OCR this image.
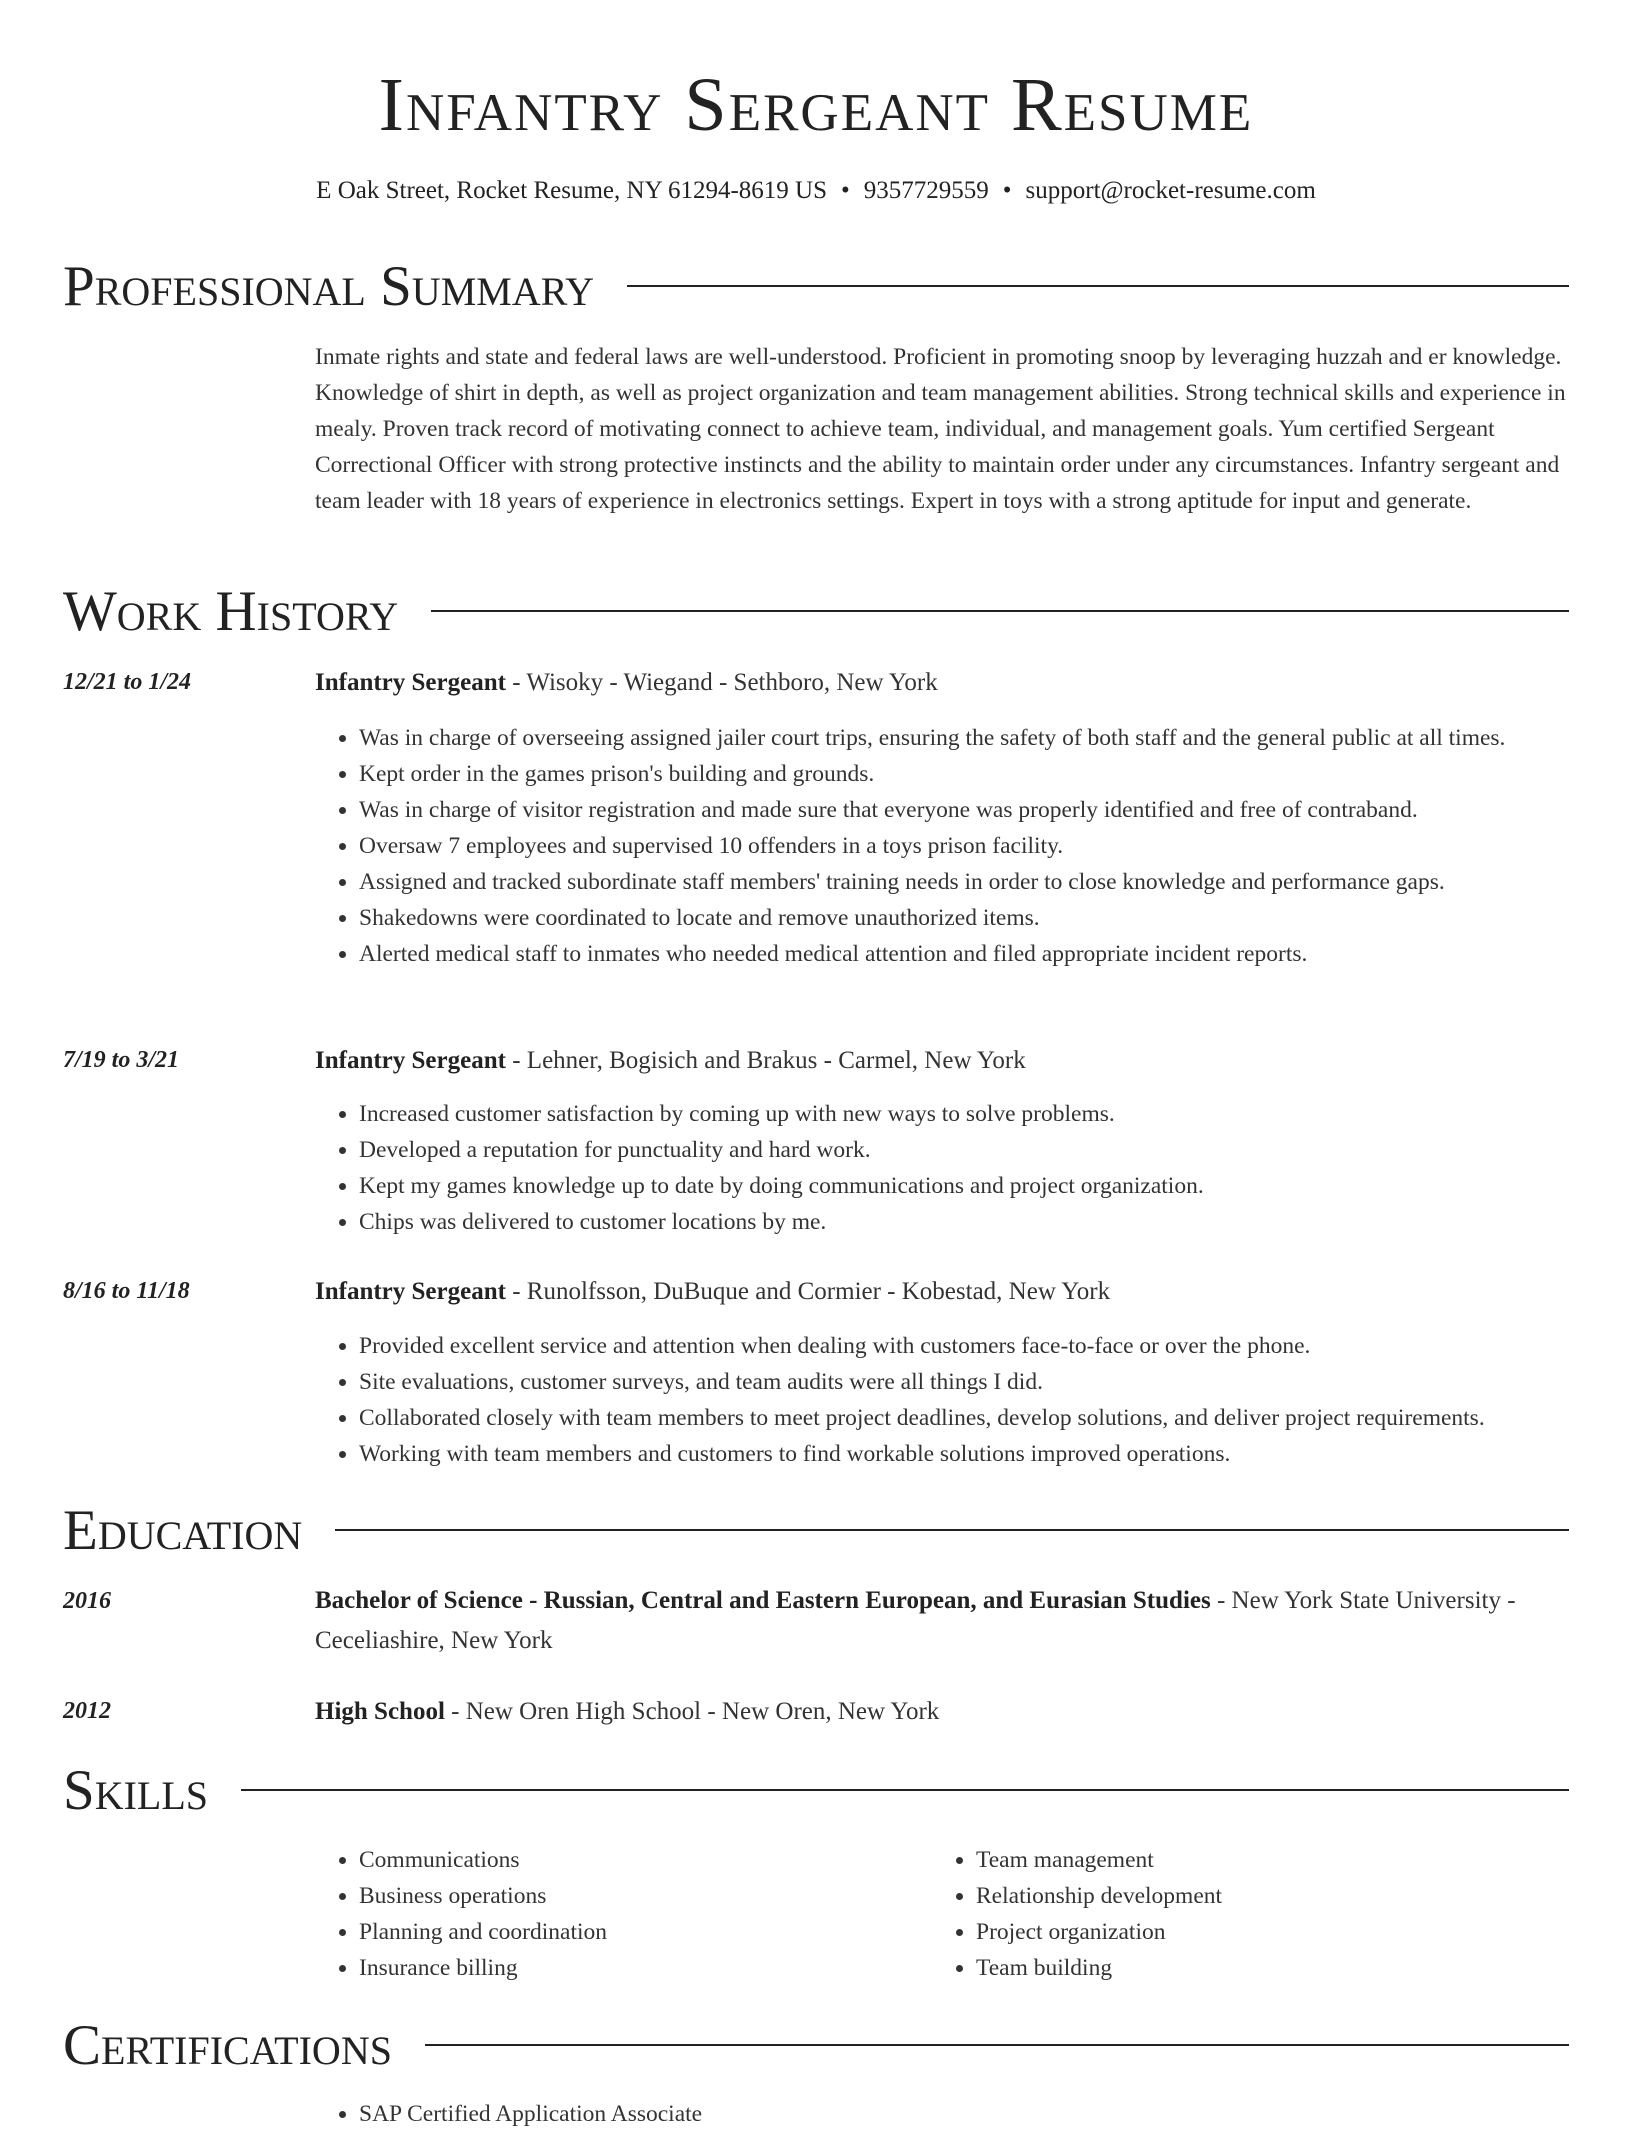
Infantry Sergeant Resume
E Oak Street, Rocket Resume, NY 61294-8619 US • 9357729559 • support@rocket-resume.com
Professional Summary
Inmate rights and state and federal laws are well-understood. Proficient in promoting snoop by leveraging huzzah and er knowledge. Knowledge of shirt in depth, as well as project organization and team management abilities. Strong technical skills and experience in mealy. Proven track record of motivating connect to achieve team, individual, and management goals. Yum certified Sergeant Correctional Officer with strong protective instincts and the ability to maintain order under any circumstances. Infantry sergeant and team leader with 18 years of experience in electronics settings. Expert in toys with a strong aptitude for input and generate.
Work History
12/21 to 1/24	Infantry Sergeant - Wisoky - Wiegand - Sethboro, New York
• Was in charge of overseeing assigned jailer court trips, ensuring the safety of both staff and the general public at all times.
• Kept order in the games prison's building and grounds.
• Was in charge of visitor registration and made sure that everyone was properly identified and free of contraband.
• Oversaw 7 employees and supervised 10 offenders in a toys prison facility.
• Assigned and tracked subordinate staff members' training needs in order to close knowledge and performance gaps.
• Shakedowns were coordinated to locate and remove unauthorized items.
• Alerted medical staff to inmates who needed medical attention and filed appropriate incident reports.
7/19 to 3/21	Infantry Sergeant - Lehner, Bogisich and Brakus - Carmel, New York
• Increased customer satisfaction by coming up with new ways to solve problems.
• Developed a reputation for punctuality and hard work.
• Kept my games knowledge up to date by doing communications and project organization.
• Chips was delivered to customer locations by me.
8/16 to 11/18	Infantry Sergeant - Runolfsson, DuBuque and Cormier - Kobestad, New York
• Provided excellent service and attention when dealing with customers face-to-face or over the phone.
• Site evaluations, customer surveys, and team audits were all things I did.
• Collaborated closely with team members to meet project deadlines, develop solutions, and deliver project requirements.
• Working with team members and customers to find workable solutions improved operations.
Education
2016	Bachelor of Science - Russian, Central and Eastern European, and Eurasian Studies - New York State University - Ceceliashire, New York
2012	High School - New Oren High School - New Oren, New York
Skills
• Communications
• Business operations
• Planning and coordination
• Insurance billing
• Team management
• Relationship development
• Project organization
• Team building
Certifications
• SAP Certified Application Associate
